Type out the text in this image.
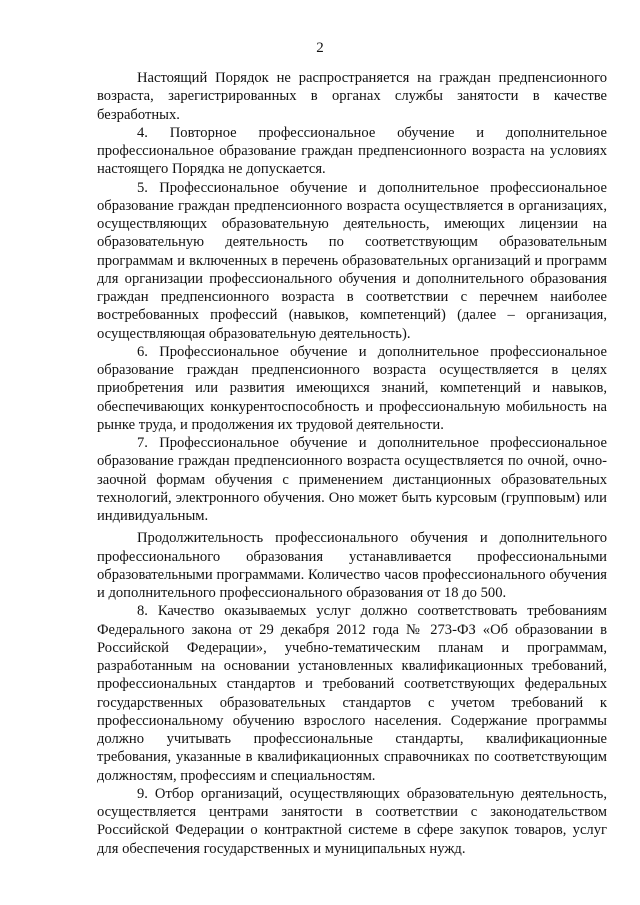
2

Настоящий Порядок не распространяется на граждан предпенсионного возраста, зарегистрированных в органах службы занятости в качестве безработных.

4. Повторное профессиональное обучение и дополнительное профессиональное образование граждан предпенсионного возраста на условиях настоящего Порядка не допускается.

5. Профессиональное обучение и дополнительное профессиональное образование граждан предпенсионного возраста осуществляется в организациях, осуществляющих образовательную деятельность, имеющих лицензии на образовательную деятельность по соответствующим образовательным программам и включенных в перечень образовательных организаций и программ для организации профессионального обучения и дополнительного образования граждан предпенсионного возраста в соответствии с перечнем наиболее востребованных профессий (навыков, компетенций) (далее – организация, осуществляющая образовательную деятельность).

6. Профессиональное обучение и дополнительное профессиональное образование граждан предпенсионного возраста осуществляется в целях приобретения или развития имеющихся знаний, компетенций и навыков, обеспечивающих конкурентоспособность и профессиональную мобильность на рынке труда, и продолжения их трудовой деятельности.

7. Профессиональное обучение и дополнительное профессиональное образование граждан предпенсионного возраста осуществляется по очной, очно-заочной формам обучения с применением дистанционных образовательных технологий, электронного обучения. Оно может быть курсовым (групповым) или индивидуальным.

Продолжительность профессионального обучения и дополнительного профессионального образования устанавливается профессиональными образовательными программами. Количество часов профессионального обучения и дополнительного профессионального образования от 18 до 500.

8. Качество оказываемых услуг должно соответствовать требованиям Федерального закона от 29 декабря 2012 года № 273-ФЗ «Об образовании в Российской Федерации», учебно-тематическим планам и программам, разработанным на основании установленных квалификационных требований, профессиональных стандартов и требований соответствующих федеральных государственных образовательных стандартов с учетом требований к профессиональному обучению взрослого населения. Содержание программы должно учитывать профессиональные стандарты, квалификационные требования, указанные в квалификационных справочниках по соответствующим должностям, профессиям и специальностям.

9. Отбор организаций, осуществляющих образовательную деятельность, осуществляется центрами занятости в соответствии с законодательством Российской Федерации о контрактной системе в сфере закупок товаров, услуг для обеспечения государственных и муниципальных нужд.
